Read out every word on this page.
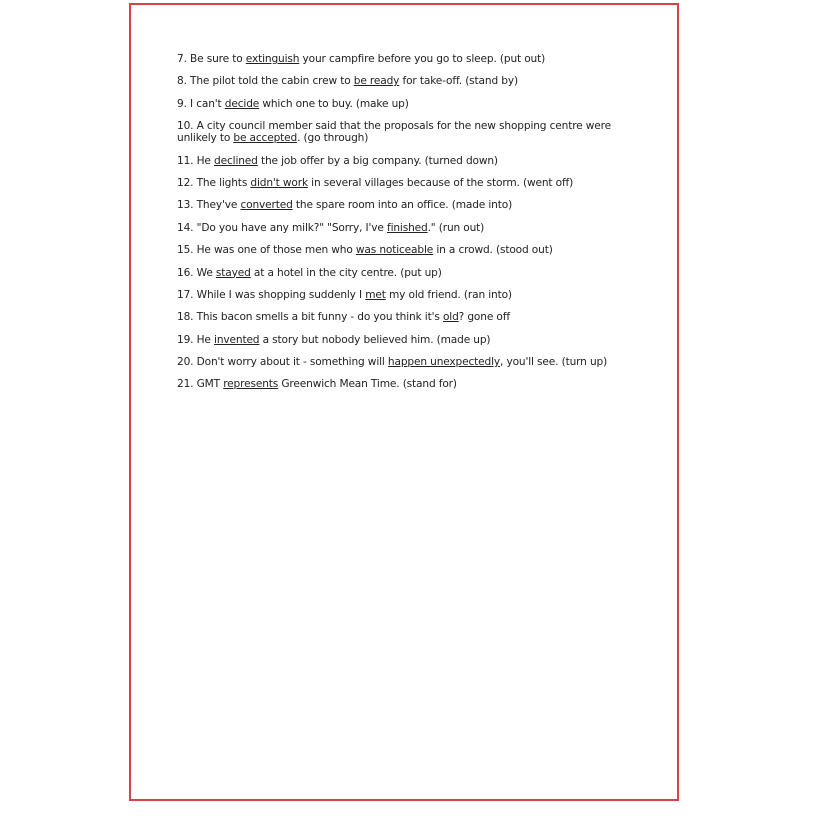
7. Be sure to extinguish your campfire before you go to sleep. (put out)
8. The pilot told the cabin crew to be ready for take-off. (stand by)
9. I can't decide which one to buy. (make up)
10. A city council member said that the proposals for the new shopping centre were unlikely to be accepted. (go through)
11. He declined the job offer by a big company. (turned down)
12. The lights didn't work in several villages because of the storm. (went off)
13. They've converted the spare room into an office. (made into)
14. "Do you have any milk?" "Sorry, I've finished." (run out)
15. He was one of those men who was noticeable in a crowd. (stood out)
16. We stayed at a hotel in the city centre. (put up)
17. While I was shopping suddenly I met my old friend. (ran into)
18. This bacon smells a bit funny - do you think it's old? gone off
19. He invented a story but nobody believed him. (made up)
20. Don't worry about it - something will happen unexpectedly, you'll see. (turn up)
21. GMT represents Greenwich Mean Time. (stand for)
